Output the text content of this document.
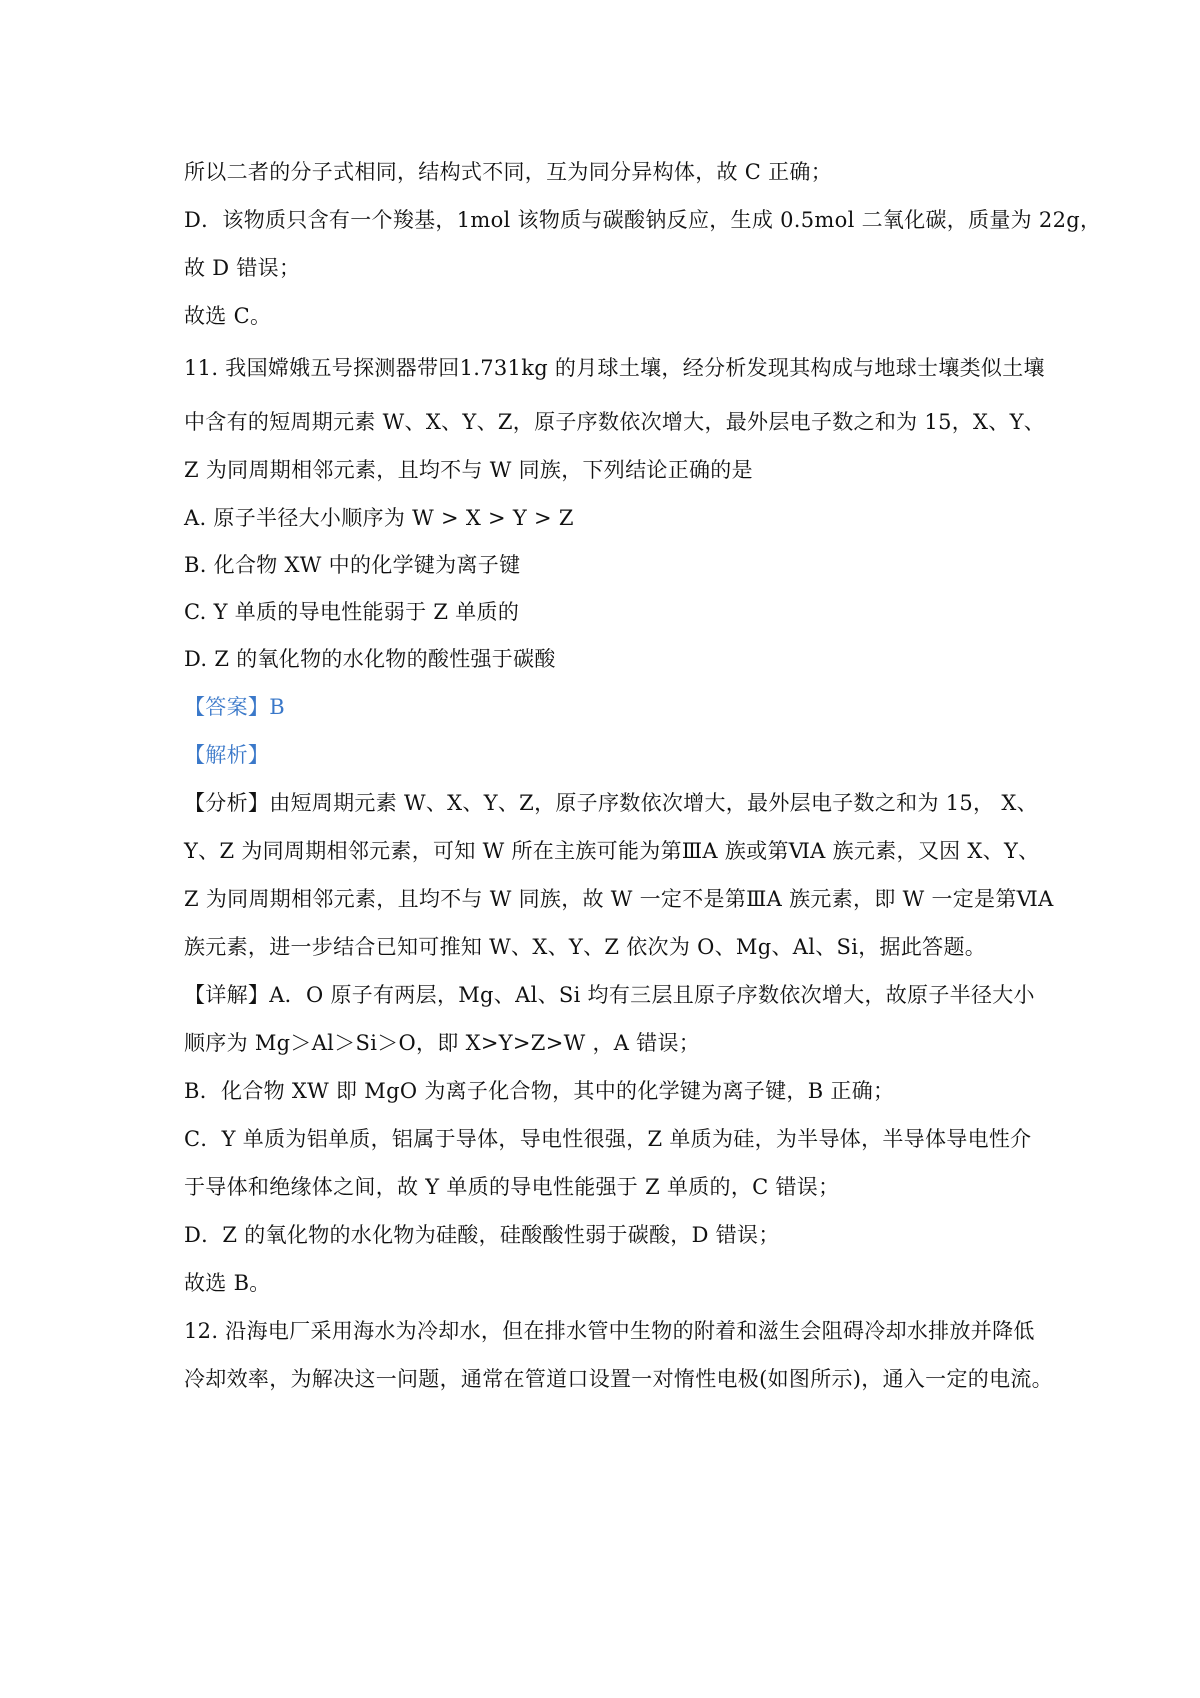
所以二者的分子式相同，结构式不同，互为同分异构体，故 C 正确；
D．该物质只含有一个羧基，1mol 该物质与碳酸钠反应，生成 0.5mol 二氧化碳，质量为 22g，
故 D 错误；
故选 C。
11. 我国嫦娥五号探测器带回1.731kg 的月球土壤，经分析发现其构成与地球士壤类似土壤
中含有的短周期元素 W、X、Y、Z，原子序数依次增大，最外层电子数之和为 15，X、Y、
Z 为同周期相邻元素，且均不与 W 同族，下列结论正确的是
A. 原子半径大小顺序为 W > X > Y > Z
B. 化合物 XW 中的化学键为离子键
C. Y 单质的导电性能弱于 Z 单质的
D. Z 的氧化物的水化物的酸性强于碳酸
【答案】B
【解析】
【分析】由短周期元素 W、X、Y、Z，原子序数依次增大，最外层电子数之和为 15， X、
Y、Z 为同周期相邻元素，可知 W 所在主族可能为第ⅢA 族或第ⅥA 族元素，又因 X、Y、
Z 为同周期相邻元素，且均不与 W 同族，故 W 一定不是第ⅢA 族元素，即 W 一定是第ⅥA
族元素，进一步结合已知可推知 W、X、Y、Z 依次为 O、Mg、Al、Si，据此答题。
【详解】A．O 原子有两层，Mg、Al、Si 均有三层且原子序数依次增大，故原子半径大小
顺序为 Mg＞Al＞Si＞O，即 X>Y>Z>W ，A 错误；
B．化合物 XW 即 MgO 为离子化合物，其中的化学键为离子键，B 正确；
C．Y 单质为铝单质，铝属于导体，导电性很强，Z 单质为硅，为半导体，半导体导电性介
于导体和绝缘体之间，故 Y 单质的导电性能强于 Z 单质的，C 错误；
D．Z 的氧化物的水化物为硅酸，硅酸酸性弱于碳酸，D 错误；
故选 B。
12. 沿海电厂采用海水为冷却水，但在排水管中生物的附着和滋生会阻碍冷却水排放并降低
冷却效率，为解决这一问题，通常在管道口设置一对惰性电极(如图所示)，通入一定的电流。
